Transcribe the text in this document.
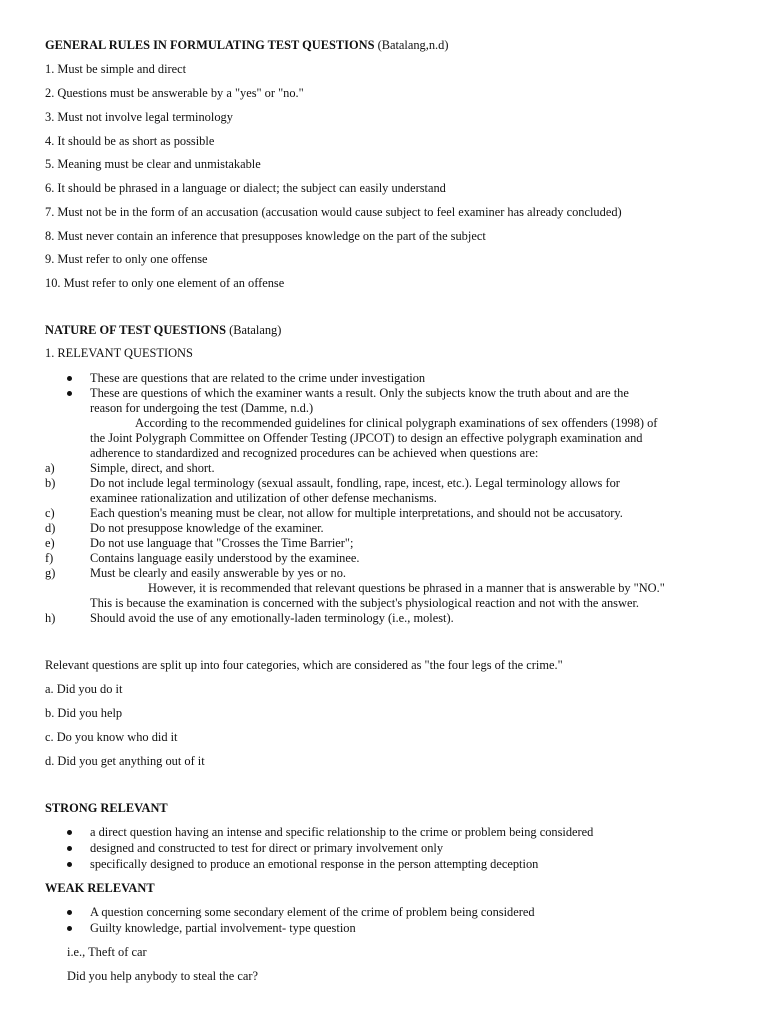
GENERAL RULES IN FORMULATING TEST QUESTIONS (Batalang,n.d)
1. Must be simple and direct
2. Questions must be answerable by a "yes" or "no."
3. Must not involve legal terminology
4. It should be as short as possible
5. Meaning must be clear and unmistakable
6. It should be phrased in a language or dialect; the subject can easily understand
7. Must not be in the form of an accusation (accusation would cause subject to feel examiner has already concluded)
8. Must never contain an inference that presupposes knowledge on the part of the subject
9. Must refer to only one offense
10. Must refer to only one element of an offense
NATURE OF TEST QUESTIONS (Batalang)
1. RELEVANT QUESTIONS
These are questions that are related to the crime under investigation
These are questions of which the examiner wants a result. Only the subjects know the truth about and are the
reason for undergoing the test (Damme, n.d.)
According to the recommended guidelines for clinical polygraph examinations of sex offenders (1998) of
the Joint Polygraph Committee on Offender Testing (JPCOT) to design an effective polygraph examination and
adherence to standardized and recognized procedures can be achieved when questions are:
a)	Simple, direct, and short.
b)	Do not include legal terminology (sexual assault, fondling, rape, incest, etc.). Legal terminology allows for
examinee rationalization and utilization of other defense mechanisms.
c)	Each question's meaning must be clear, not allow for multiple interpretations, and should not be accusatory.
d)	Do not presuppose knowledge of the examiner.
e)	Do not use language that "Crosses the Time Barrier";
f)	Contains language easily understood by the examinee.
g)	Must be clearly and easily answerable by yes or no.
However, it is recommended that relevant questions be phrased in a manner that is answerable by "NO."
This is because the examination is concerned with the subject's physiological reaction and not with the answer.
h)	Should avoid the use of any emotionally-laden terminology (i.e., molest).
Relevant questions are split up into four categories, which are considered as "the four legs of the crime."
a. Did you do it
b. Did you help
c. Do you know who did it
d. Did you get anything out of it
STRONG RELEVANT
a direct question having an intense and specific relationship to the crime or problem being considered
designed and constructed to test for direct or primary involvement only
specifically designed to produce an emotional response in the person attempting deception
WEAK RELEVANT
A question concerning some secondary element of the crime of problem being considered
Guilty knowledge, partial involvement- type question
i.e., Theft of car
Did you help anybody to steal the car?
